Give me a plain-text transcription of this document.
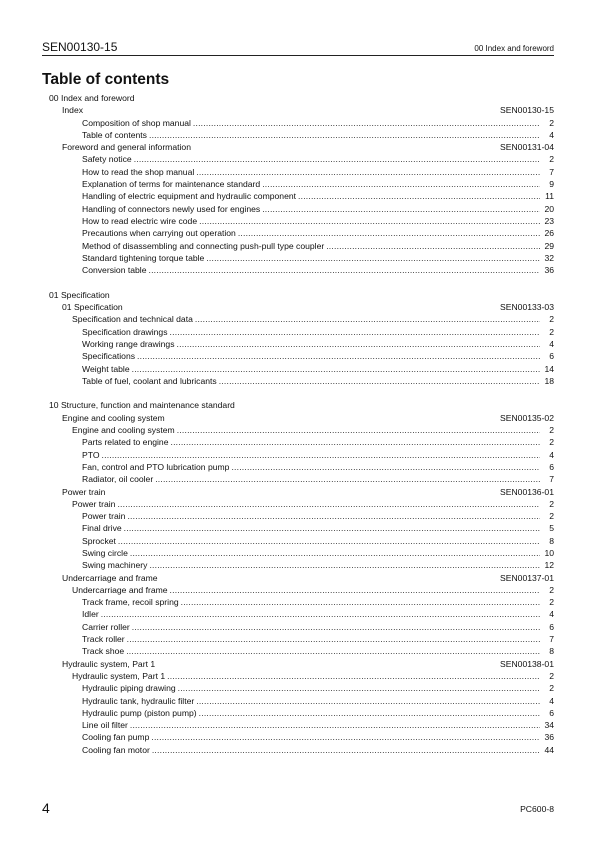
SEN00130-15	00 Index and foreword
Table of contents
00 Index and foreword
Index	SEN00130-15
Composition of shop manual .....	2
Table of contents .....	4
Foreword and general information	SEN00131-04
Safety notice .....	2
How to read the shop manual .....	7
Explanation of terms for maintenance standard .....	9
Handling of electric equipment and hydraulic component .....	11
Handling of connectors newly used for engines .....	20
How to read electric wire code .....	23
Precautions when carrying out operation .....	26
Method of disassembling and connecting push-pull type coupler .....	29
Standard tightening torque table .....	32
Conversion table .....	36
01 Specification
01 Specification	SEN00133-03
Specification and technical data .....	2
Specification drawings .....	2
Working range drawings .....	4
Specifications .....	6
Weight table .....	14
Table of fuel, coolant and lubricants .....	18
10 Structure, function and maintenance standard
Engine and cooling system	SEN00135-02
Engine and cooling system .....	2
Parts related to engine .....	2
PTO .....	4
Fan, control and PTO lubrication pump .....	6
Radiator, oil cooler .....	7
Power train	SEN00136-01
Power train .....	2
Power train .....	2
Final drive .....	5
Sprocket .....	8
Swing circle .....	10
Swing machinery .....	12
Undercarriage and frame	SEN00137-01
Undercarriage and frame .....	2
Track frame, recoil spring .....	2
Idler .....	4
Carrier roller .....	6
Track roller .....	7
Track shoe .....	8
Hydraulic system, Part 1	SEN00138-01
Hydraulic system, Part 1 .....	2
Hydraulic piping drawing .....	2
Hydraulic tank, hydraulic filter .....	4
Hydraulic pump (piston pump) .....	6
Line oil filter .....	34
Cooling fan pump .....	36
Cooling fan motor .....	44
4	PC600-8
